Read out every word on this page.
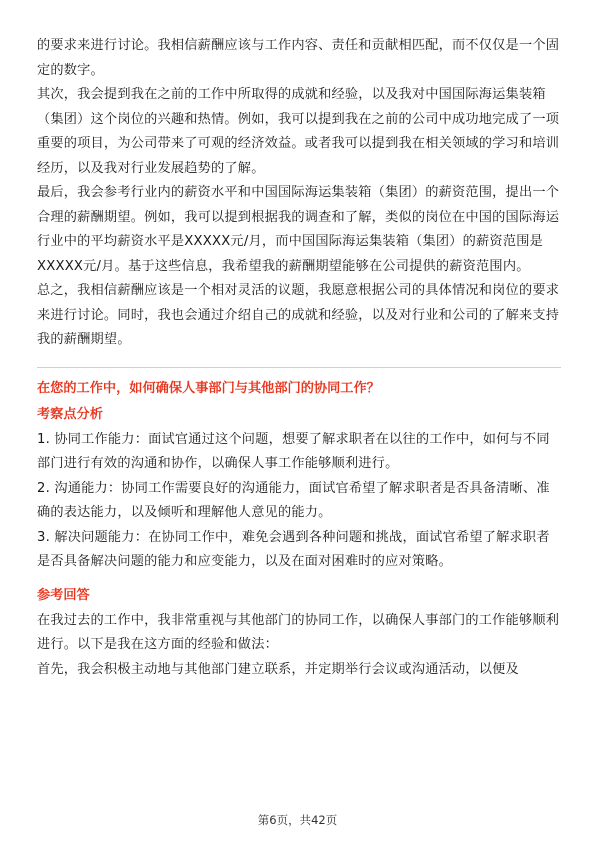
的要求来进行讨论。我相信薪酬应该与工作内容、责任和贡献相匹配，而不仅仅是一个固定的数字。

其次，我会提到我在之前的工作中所取得的成就和经验，以及我对中国国际海运集装箱（集团）这个岗位的兴趣和热情。例如，我可以提到我在之前的公司中成功地完成了一项重要的项目，为公司带来了可观的经济效益。或者我可以提到我在相关领域的学习和培训经历，以及我对行业发展趋势的了解。

最后，我会参考行业内的薪资水平和中国国际海运集装箱（集团）的薪资范围，提出一个合理的薪酬期望。例如，我可以提到根据我的调查和了解，类似的岗位在中国的国际海运行业中的平均薪资水平是XXXXX元/月，而中国国际海运集装箱（集团）的薪资范围是XXXXX元/月。基于这些信息，我希望我的薪酬期望能够在公司提供的薪资范围内。

总之，我相信薪酬应该是一个相对灵活的议题，我愿意根据公司的具体情况和岗位的要求来进行讨论。同时，我也会通过介绍自己的成就和经验，以及对行业和公司的了解来支持我的薪酬期望。

在您的工作中，如何确保人事部门与其他部门的协同工作？
考察点分析

1. 协同工作能力：面试官通过这个问题，想要了解求职者在以往的工作中，如何与不同部门进行有效的沟通和协作，以确保人事工作能够顺利进行。

2. 沟通能力：协同工作需要良好的沟通能力，面试官希望了解求职者是否具备清晰、准确的表达能力，以及倾听和理解他人意见的能力。

3. 解决问题能力：在协同工作中，难免会遇到各种问题和挑战，面试官希望了解求职者是否具备解决问题的能力和应变能力，以及在面对困难时的应对策略。

参考回答

在我过去的工作中，我非常重视与其他部门的协同工作，以确保人事部门的工作能够顺利进行。以下是我在这方面的经验和做法：

首先，我会积极主动地与其他部门建立联系，并定期举行会议或沟通活动，以便及

第6页，共42页
